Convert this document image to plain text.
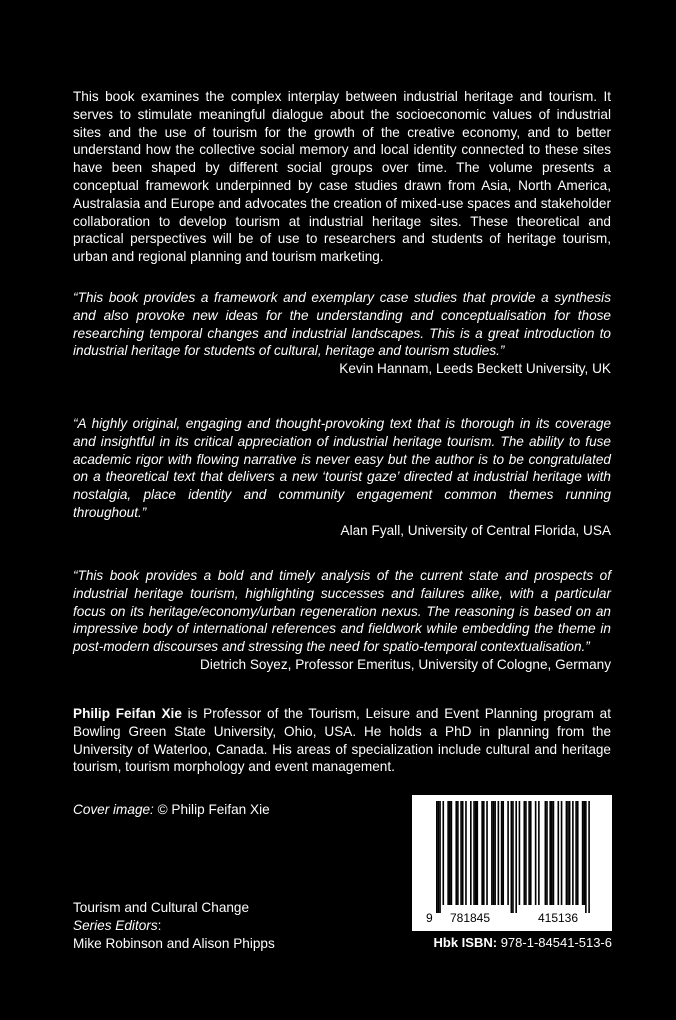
This book examines the complex interplay between industrial heritage and tourism. It serves to stimulate meaningful dialogue about the socioeconomic values of industrial sites and the use of tourism for the growth of the creative economy, and to better understand how the collective social memory and local identity connected to these sites have been shaped by different social groups over time. The volume presents a conceptual framework underpinned by case studies drawn from Asia, North America, Australasia and Europe and advocates the creation of mixed-use spaces and stakeholder collaboration to develop tourism at industrial heritage sites. These theoretical and practical perspectives will be of use to researchers and students of heritage tourism, urban and regional planning and tourism marketing.

“This book provides a framework and exemplary case studies that provide a synthesis and also provoke new ideas for the understanding and conceptualisation for those researching temporal changes and industrial landscapes. This is a great introduction to industrial heritage for students of cultural, heritage and tourism studies.”

Kevin Hannam, Leeds Beckett University, UK

“A highly original, engaging and thought-provoking text that is thorough in its coverage and insightful in its critical appreciation of industrial heritage tourism. The ability to fuse academic rigor with flowing narrative is never easy but the author is to be congratulated on a theoretical text that delivers a new ‘tourist gaze’ directed at industrial heritage with nostalgia, place identity and community engagement common themes running throughout.”

Alan Fyall, University of Central Florida, USA

“This book provides a bold and timely analysis of the current state and prospects of industrial heritage tourism, highlighting successes and failures alike, with a particular focus on its heritage/economy/urban regeneration nexus. The reasoning is based on an impressive body of international references and fieldwork while embedding the theme in post-modern discourses and stressing the need for spatio-temporal contextualisation.”

Dietrich Soyez, Professor Emeritus, University of Cologne, Germany

Philip Feifan Xie is Professor of the Tourism, Leisure and Event Planning program at Bowling Green State University, Ohio, USA. He holds a PhD in planning from the University of Waterloo, Canada. His areas of specialization include cultural and heritage tourism, tourism morphology and event management.
Cover image: © Philip Feifan Xie
Tourism and Cultural Change
Series Editors:
Mike Robinson and Alison Phipps
9 781845	415136
Hbk ISBN: 978-1-84541-513-6
